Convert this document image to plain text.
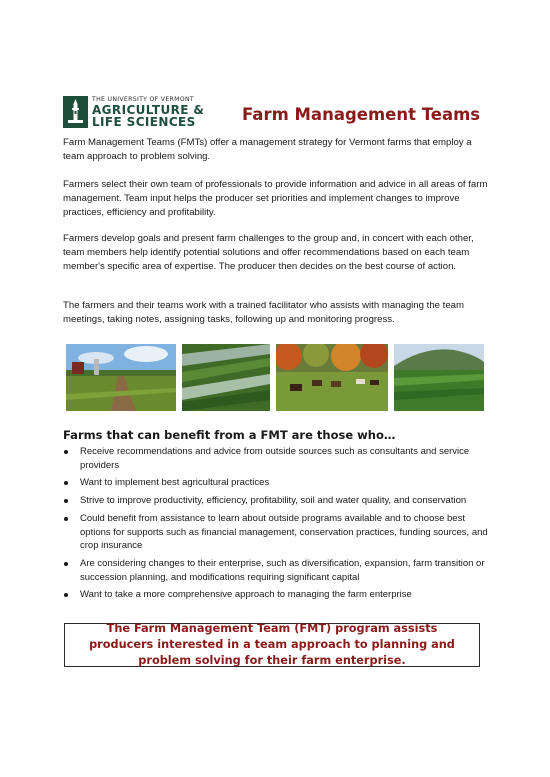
THE UNIVERSITY OF VERMONT
AGRICULTURE &
LIFE SCIENCES	Farm Management Teams

Farm Management Teams (FMTs) offer a management strategy for Vermont farms that employ a team approach to problem solving.

Farmers select their own team of professionals to provide information and advice in all areas of farm management. Team input helps the producer set priorities and implement changes to improve practices, efficiency and profitability.

Farmers develop goals and present farm challenges to the group and, in concert with each other, team members help identify potential solutions and offer recommendations based on each team member's specific area of expertise. The producer then decides on the best course of action.

The farmers and their teams work with a trained facilitator who assists with managing the team meetings, taking notes, assigning tasks, following up and monitoring progress.

Farms that can benefit from a FMT are those who…
Receive recommendations and advice from outside sources such as consultants and service providers
Want to implement best agricultural practices
Strive to improve productivity, efficiency, profitability, soil and water quality, and conservation
Could benefit from assistance to learn about outside programs available and to choose best options for supports such as financial management, conservation practices, funding sources, and crop insurance
Are considering changes to their enterprise, such as diversification, expansion, farm transition or succession planning, and modifications requiring significant capital
Want to take a more comprehensive approach to managing the farm enterprise
The Farm Management Team (FMT) program assists producers interested in a team approach to planning and problem solving for their farm enterprise.
